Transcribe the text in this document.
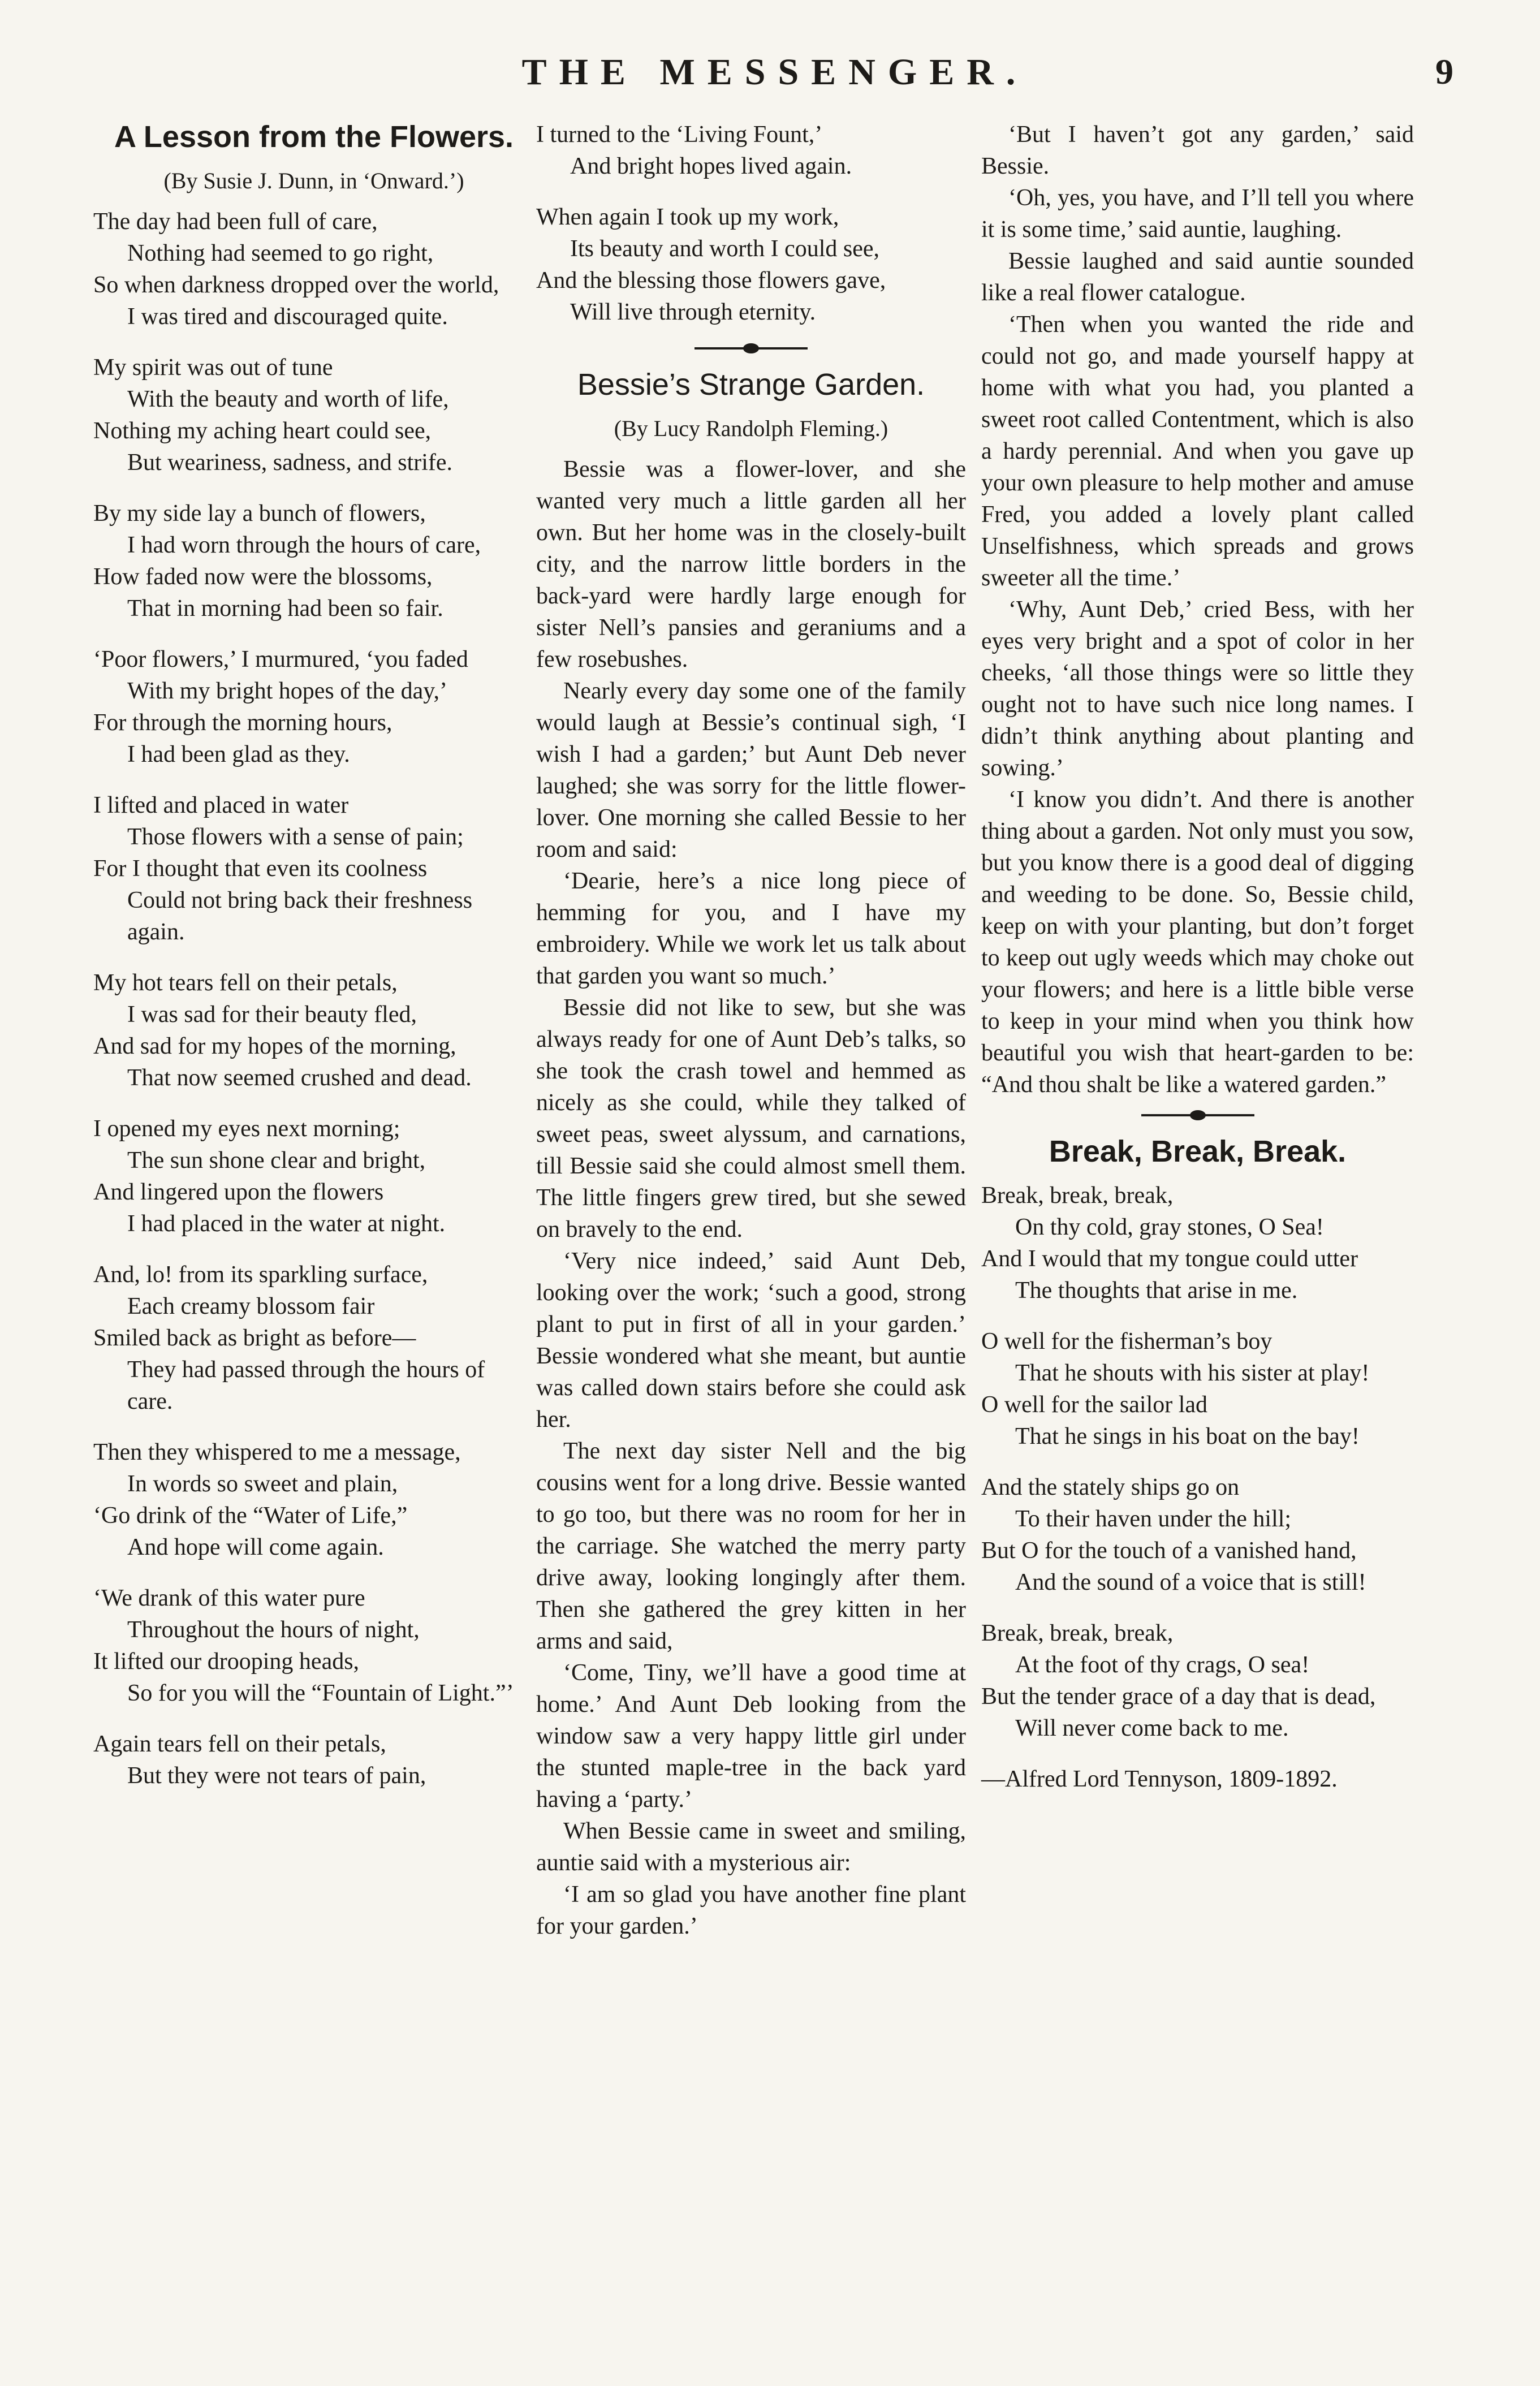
THE MESSENGER.	9
A Lesson from the Flowers.
(By Susie J. Dunn, in ‘Onward.’)
The day had been full of care,
Nothing had seemed to go right,
So when darkness dropped over the world,
I was tired and discouraged quite.
My spirit was out of tune
With the beauty and worth of life,
Nothing my aching heart could see,
But weariness, sadness, and strife.
By my side lay a bunch of flowers,
I had worn through the hours of care,
How faded now were the blossoms,
That in morning had been so fair.
‘Poor flowers,’ I murmured, ‘you faded
With my bright hopes of the day,’
For through the morning hours,
I had been glad as they.
I lifted and placed in water
Those flowers with a sense of pain;
For I thought that even its coolness
Could not bring back their freshness again.
My hot tears fell on their petals,
I was sad for their beauty fled,
And sad for my hopes of the morning,
That now seemed crushed and dead.
I opened my eyes next morning;
The sun shone clear and bright,
And lingered upon the flowers
I had placed in the water at night.
And, lo! from its sparkling surface,
Each creamy blossom fair
Smiled back as bright as before—
They had passed through the hours of care.
Then they whispered to me a message,
In words so sweet and plain,
‘Go drink of the “Water of Life,”
And hope will come again.
‘We drank of this water pure
Throughout the hours of night,
It lifted our drooping heads,
So for you will the “Fountain of Light.”’
Again tears fell on their petals,
But they were not tears of pain,
I turned to the ‘Living Fount,’
And bright hopes lived again.
When again I took up my work,
Its beauty and worth I could see,
And the blessing those flowers gave,
Will live through eternity.
Bessie’s Strange Garden.
(By Lucy Randolph Fleming.)

Bessie was a flower-lover, and she wanted very much a little garden all her own. But her home was in the closely-built city, and the narrow little borders in the back-yard were hardly large enough for sister Nell’s pansies and geraniums and a few rosebushes.

Nearly every day some one of the family would laugh at Bessie’s continual sigh, ‘I wish I had a garden;’ but Aunt Deb never laughed; she was sorry for the little flower-lover. One morning she called Bessie to her room and said:

‘Dearie, here’s a nice long piece of hemming for you, and I have my embroidery. While we work let us talk about that garden you want so much.’

Bessie did not like to sew, but she was always ready for one of Aunt Deb’s talks, so she took the crash towel and hemmed as nicely as she could, while they talked of sweet peas, sweet alyssum, and carnations, till Bessie said she could almost smell them. The little fingers grew tired, but she sewed on bravely to the end.

‘Very nice indeed,’ said Aunt Deb, looking over the work; ‘such a good, strong plant to put in first of all in your garden.’ Bessie wondered what she meant, but auntie was called down stairs before she could ask her.

The next day sister Nell and the big cousins went for a long drive. Bessie wanted to go too, but there was no room for her in the carriage. She watched the merry party drive away, looking longingly after them. Then she gathered the grey kitten in her arms and said,

‘Come, Tiny, we’ll have a good time at home.’ And Aunt Deb looking from the window saw a very happy little girl under the stunted maple-tree in the back yard having a ‘party.’

When Bessie came in sweet and smiling, auntie said with a mysterious air:

‘I am so glad you have another fine plant for your garden.’

‘But I haven’t got any garden,’ said Bessie.

‘Oh, yes, you have, and I’ll tell you where it is some time,’ said auntie, laughing.

Bessie laughed and said auntie sounded like a real flower catalogue.

‘Then when you wanted the ride and could not go, and made yourself happy at home with what you had, you planted a sweet root called Contentment, which is also a hardy perennial. And when you gave up your own pleasure to help mother and amuse Fred, you added a lovely plant called Unselfishness, which spreads and grows sweeter all the time.’

‘Why, Aunt Deb,’ cried Bess, with her eyes very bright and a spot of color in her cheeks, ‘all those things were so little they ought not to have such nice long names. I didn’t think anything about planting and sowing.’

‘I know you didn’t. And there is another thing about a garden. Not only must you sow, but you know there is a good deal of digging and weeding to be done. So, Bessie child, keep on with your planting, but don’t forget to keep out ugly weeds which may choke out your flowers; and here is a little bible verse to keep in your mind when you think how beautiful you wish that heart-garden to be: “And thou shalt be like a watered garden.”

Break, Break, Break.
Break, break, break,
On thy cold, gray stones, O Sea!
And I would that my tongue could utter
The thoughts that arise in me.
O well for the fisherman’s boy
That he shouts with his sister at play!
O well for the sailor lad
That he sings in his boat on the bay!
And the stately ships go on
To their haven under the hill;
But O for the touch of a vanished hand,
And the sound of a voice that is still!
Break, break, break,
At the foot of thy crags, O sea!
But the tender grace of a day that is dead,
Will never come back to me.
—Alfred Lord Tennyson, 1809-1892.
